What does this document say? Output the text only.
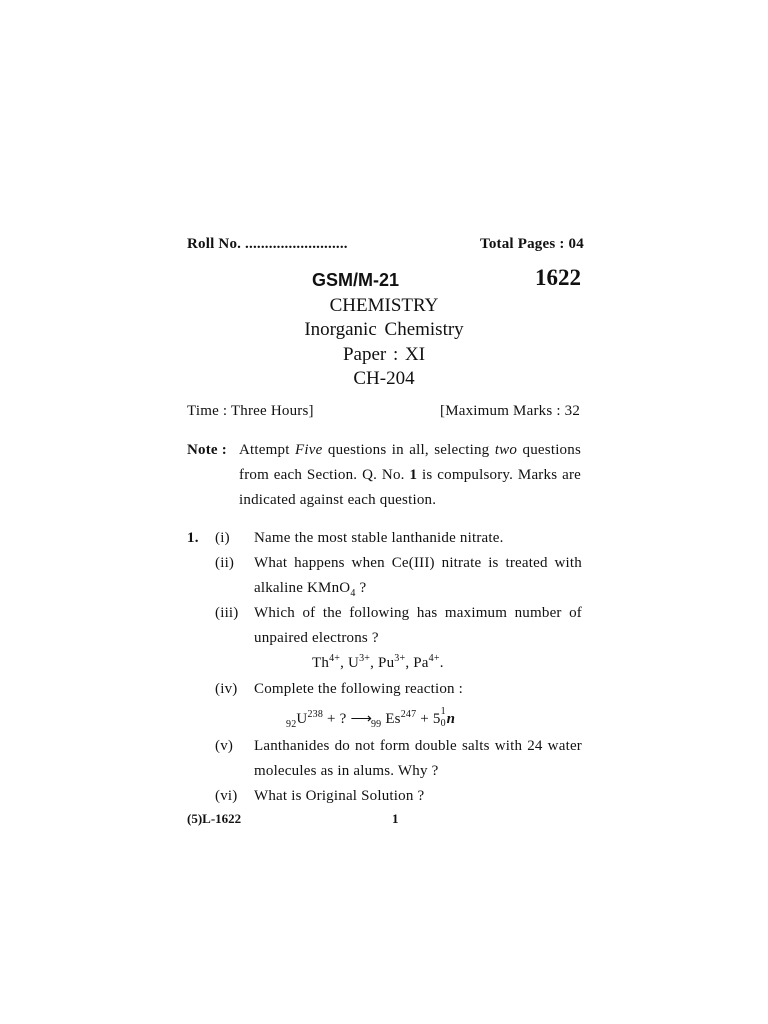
Roll No. ..........................	Total Pages : 04
GSM/M-21	1622
CHEMISTRY
Inorganic Chemistry
Paper : XI
CH-204
Time : Three Hours]	[Maximum Marks : 32
Note : Attempt Five questions in all, selecting two questions
from each Section. Q. No. 1 is compulsory. Marks are
indicated against each question.
1. (i) Name the most stable lanthanide nitrate.
(ii) What happens when Ce(III) nitrate is treated with
alkaline KMnO$_4$ ?
(iii) Which of the following has maximum number of
unpaired electrons ?
$Th^{4+}$, $U^{3+}$, $Pu^{3+}$, $Pa^{4+}$.
(iv) Complete the following reaction :
$_{92}U^{238}$ + ? $⟶_{99}$ $Es^{247} + 5$ 1
0 n
(v) Lanthanides do not form double salts with 24 water
molecules as in alums. Why ?
(vi) What is Original Solution ?
(5)L-1622	1
